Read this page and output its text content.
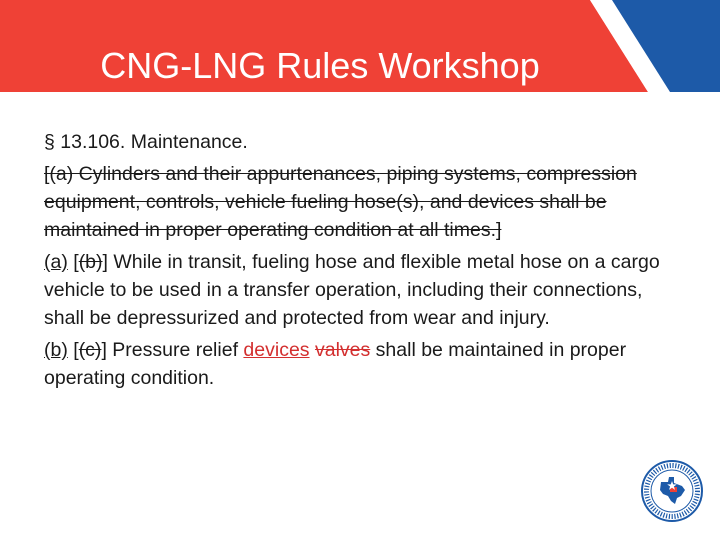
CNG-LNG Rules Workshop

§ 13.106. Maintenance.

[(a) Cylinders and their appurtenances, piping systems, compression equipment, controls, vehicle fueling hose(s), and devices shall be maintained in proper operating condition at all times.]

(a) [(b)] While in transit, fueling hose and flexible metal hose on a cargo vehicle to be used in a transfer operation, including their connections, shall be depressurized and protected from wear and injury.

(b) [(c)] Pressure relief devices valves shall be maintained in proper operating condition.
